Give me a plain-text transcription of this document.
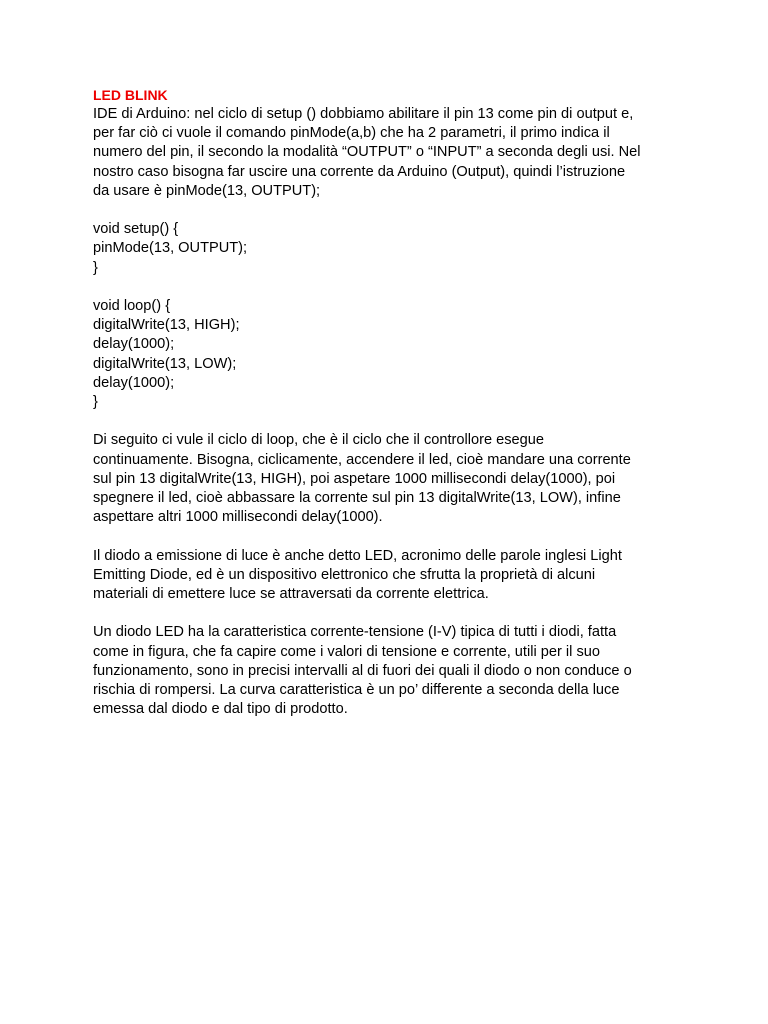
LED BLINK
IDE di Arduino: nel ciclo di setup () dobbiamo abilitare il pin 13 come pin di output e,
per far ciò ci vuole il comando pinMode(a,b) che ha 2 parametri, il primo indica il
numero del pin, il secondo la modalità “OUTPUT” o “INPUT” a seconda degli usi. Nel
nostro caso bisogna far uscire una corrente da Arduino (Output), quindi l’istruzione
da usare è pinMode(13, OUTPUT);
void setup() {
pinMode(13, OUTPUT);
}
void loop() {
digitalWrite(13, HIGH);
delay(1000);
digitalWrite(13, LOW);
delay(1000);
}
Di seguito ci vule il ciclo di loop, che è il ciclo che il controllore esegue
continuamente. Bisogna, ciclicamente, accendere il led, cioè mandare una corrente
sul pin 13 digitalWrite(13, HIGH), poi aspetare 1000 millisecondi delay(1000), poi
spegnere il led, cioè abbassare la corrente sul pin 13 digitalWrite(13, LOW), infine
aspettare altri 1000 millisecondi delay(1000).
Il diodo a emissione di luce è anche detto LED, acronimo delle parole inglesi Light
Emitting Diode, ed è un dispositivo elettronico che sfrutta la proprietà di alcuni
materiali di emettere luce se attraversati da corrente elettrica.
Un diodo LED ha la caratteristica corrente-tensione (I-V) tipica di tutti i diodi, fatta
come in figura, che fa capire come i valori di tensione e corrente, utili per il suo
funzionamento, sono in precisi intervalli al di fuori dei quali il diodo o non conduce o
rischia di rompersi. La curva caratteristica è un po’ differente a seconda della luce
emessa dal diodo e dal tipo di prodotto.
